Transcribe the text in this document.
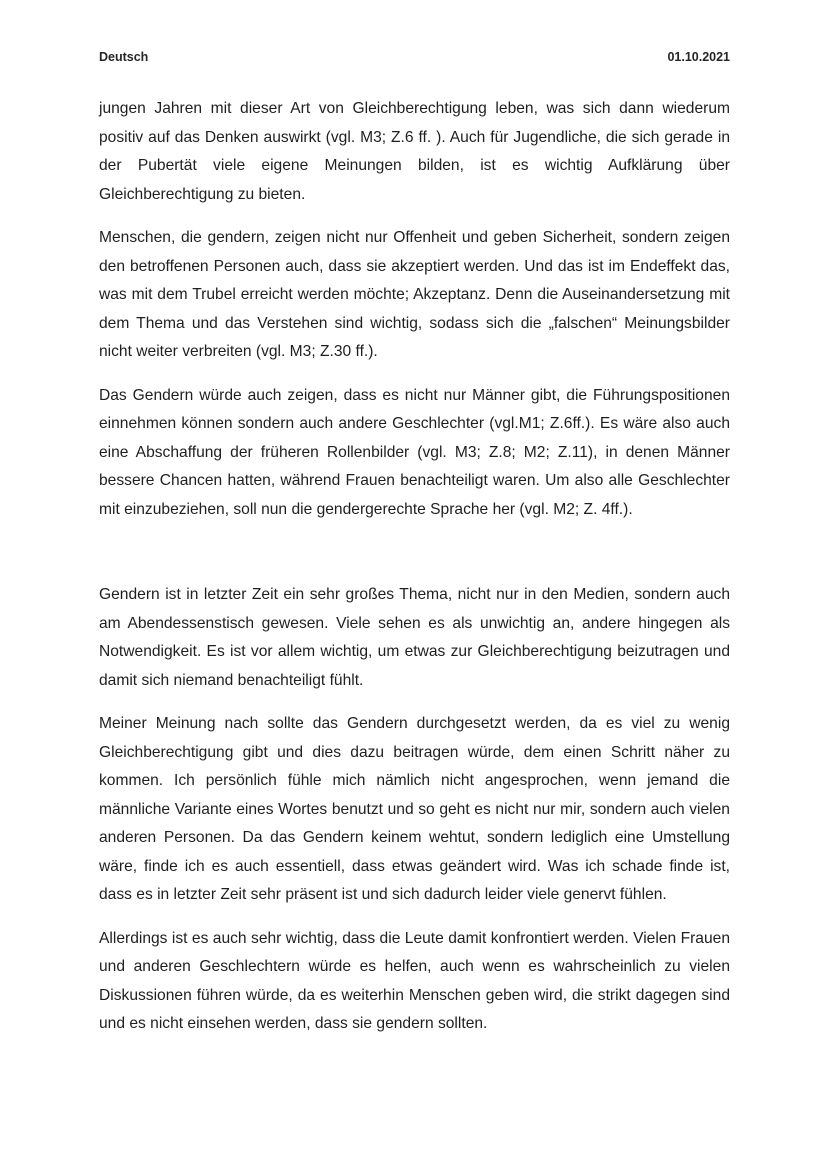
Deutsch	01.10.2021

jungen Jahren mit dieser Art von Gleichberechtigung leben, was sich dann wiederum positiv auf das Denken auswirkt (vgl. M3; Z.6 ff. ). Auch für Jugendliche, die sich gerade in der Pubertät viele eigene Meinungen bilden, ist es wichtig Aufklärung über Gleichberechtigung zu bieten.

Menschen, die gendern, zeigen nicht nur Offenheit und geben Sicherheit, sondern zeigen den betroffenen Personen auch, dass sie akzeptiert werden. Und das ist im Endeffekt das, was mit dem Trubel erreicht werden möchte; Akzeptanz. Denn die Auseinandersetzung mit dem Thema und das Verstehen sind wichtig, sodass sich die „falschen“ Meinungsbilder nicht weiter verbreiten (vgl. M3; Z.30 ff.).

Das Gendern würde auch zeigen, dass es nicht nur Männer gibt, die Führungspositionen einnehmen können sondern auch andere Geschlechter (vgl.M1; Z.6ff.). Es wäre also auch eine Abschaffung der früheren Rollenbilder (vgl. M3; Z.8; M2; Z.11), in denen Männer bessere Chancen hatten, während Frauen benachteiligt waren. Um also alle Geschlechter mit einzubeziehen, soll nun die gendergerechte Sprache her (vgl. M2; Z. 4ff.).

Gendern ist in letzter Zeit ein sehr großes Thema, nicht nur in den Medien, sondern auch am Abendessenstisch gewesen. Viele sehen es als unwichtig an, andere hingegen als Notwendigkeit. Es ist vor allem wichtig, um etwas zur Gleichberechtigung beizutragen und damit sich niemand benachteiligt fühlt.

Meiner Meinung nach sollte das Gendern durchgesetzt werden, da es viel zu wenig Gleichberechtigung gibt und dies dazu beitragen würde, dem einen Schritt näher zu kommen. Ich persönlich fühle mich nämlich nicht angesprochen, wenn jemand die männliche Variante eines Wortes benutzt und so geht es nicht nur mir, sondern auch vielen anderen Personen. Da das Gendern keinem wehtut, sondern lediglich eine Umstellung wäre, finde ich es auch essentiell, dass etwas geändert wird. Was ich schade finde ist, dass es in letzter Zeit sehr präsent ist und sich dadurch leider viele genervt fühlen.

Allerdings ist es auch sehr wichtig, dass die Leute damit konfrontiert werden. Vielen Frauen und anderen Geschlechtern würde es helfen, auch wenn es wahrscheinlich zu vielen Diskussionen führen würde, da es weiterhin Menschen geben wird, die strikt dagegen sind und es nicht einsehen werden, dass sie gendern sollten.
